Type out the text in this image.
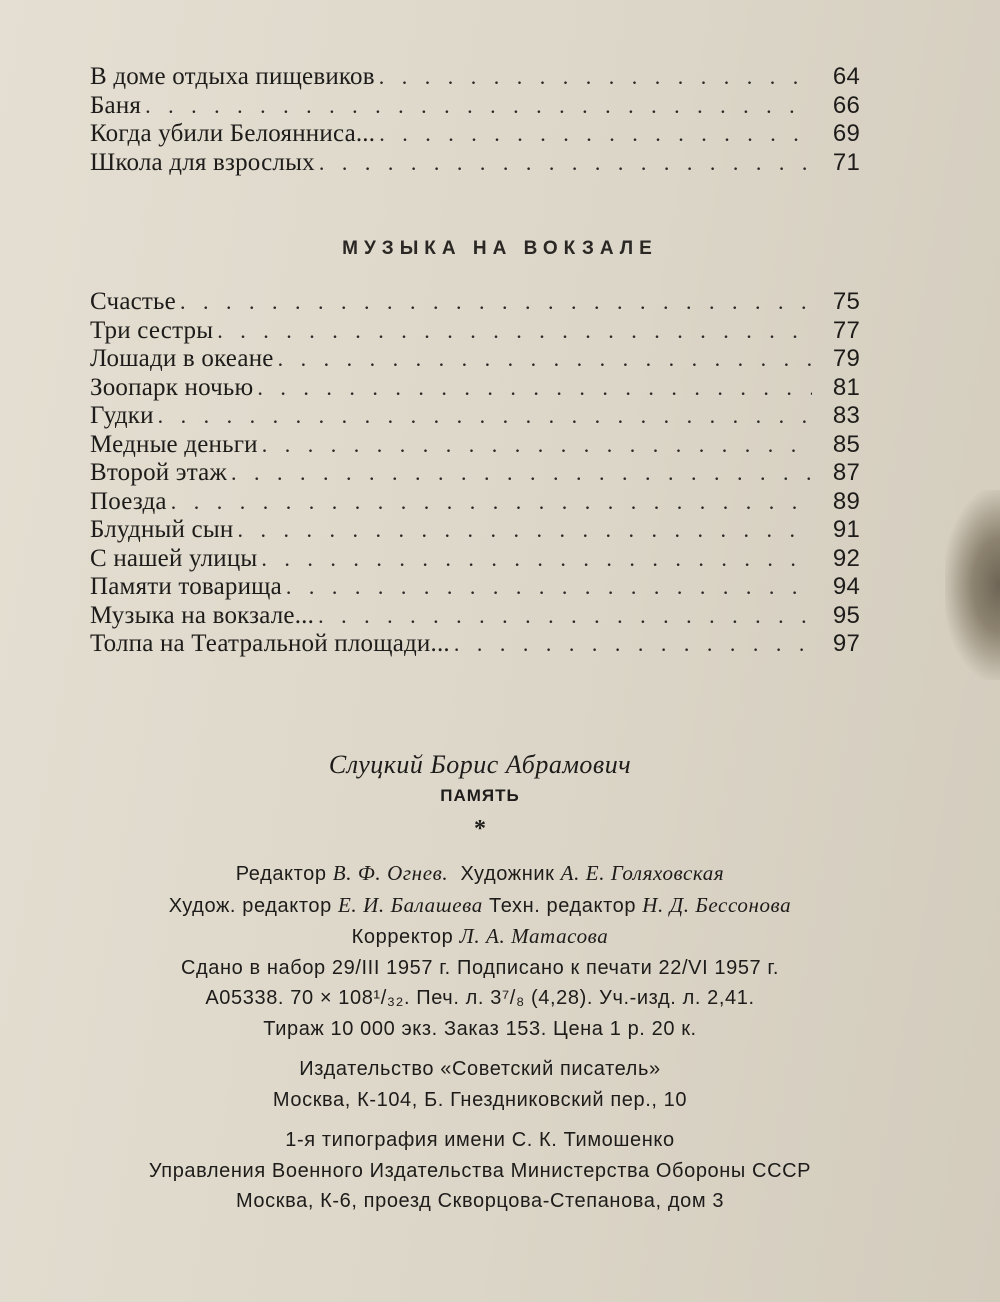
В доме отдыха пищевиков . . .	64
Баня . . .	66
Когда убили Белоянниса... . . .	69
Школа для взрослых . . .	71
МУЗЫКА НА ВОКЗАЛЕ
Счастье . . .	75
Три сестры . . .	77
Лошади в океане . . .	79
Зоопарк ночью . . .	81
Гудки . . .	83
Медные деньги . . .	85
Второй этаж . . .	87
Поезда . . .	89
Блудный сын . . .	91
С нашей улицы . . .	92
Памяти товарища . . .	94
Музыка на вокзале... . . .	95
Толпа на Театральной площади... . . .	97
Слуцкий Борис Абрамович
ПАМЯТЬ
*
Редактор В. Ф. Огнев. Художник А. Е. Голяховская
Худож. редактор Е. И. Балашева Техн. редактор Н. Д. Бессонова
Корректор Л. А. Матасова
Сдано в набор 29/III 1957 г. Подписано к печати 22/VI 1957 г.
А05338. 70 × 108¹/₃₂. Печ. л. 3⁷/₈ (4,28). Уч.-изд. л. 2,41.
Тираж 10 000 экз. Заказ 153. Цена 1 р. 20 к.
Издательство «Советский писатель»
Москва, К-104, Б. Гнездниковский пер., 10
1-я типография имени С. К. Тимошенко
Управления Военного Издательства Министерства Обороны СССР
Москва, К-6, проезд Скворцова-Степанова, дом 3
